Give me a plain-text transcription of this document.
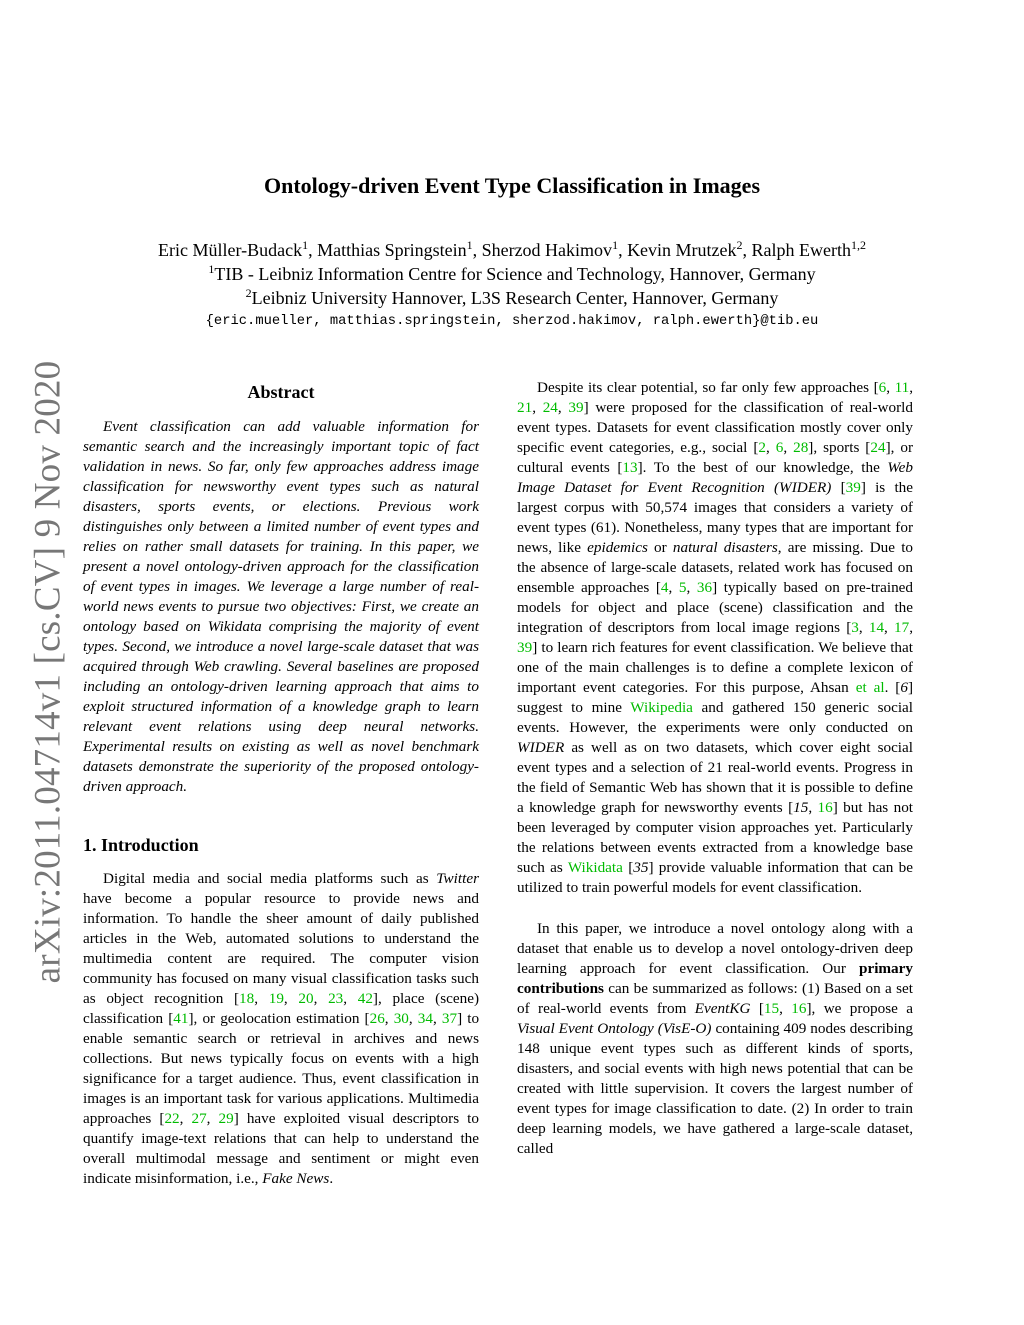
arXiv:2011.04714v1 [cs.CV] 9 Nov 2020
Ontology-driven Event Type Classification in Images
Eric Müller-Budack$^1$, Matthias Springstein$^1$, Sherzod Hakimov$^1$, Kevin Mrutzek$^2$, Ralph Ewerth$^{1,2}$
$^1$TIB - Leibniz Information Centre for Science and Technology, Hannover, Germany
$^2$Leibniz University Hannover, L3S Research Center, Hannover, Germany
{eric.mueller, matthias.springstein, sherzod.hakimov, ralph.ewerth}@tib.eu
Abstract

Event classification can add valuable information for semantic search and the increasingly important topic of fact validation in news. So far, only few approaches address image classification for newsworthy event types such as natural disasters, sports events, or elections. Previous work distinguishes only between a limited number of event types and relies on rather small datasets for training. In this paper, we present a novel ontology-driven approach for the classification of event types in images. We leverage a large number of real-world news events to pursue two objectives: First, we create an ontology based on Wikidata comprising the majority of event types. Second, we introduce a novel large-scale dataset that was acquired through Web crawling. Several baselines are proposed including an ontology-driven learning approach that aims to exploit structured information of a knowledge graph to learn relevant event relations using deep neural networks. Experimental results on existing as well as novel benchmark datasets demonstrate the superiority of the proposed ontology-driven approach.

1. Introduction

Digital media and social media platforms such as Twitter have become a popular resource to provide news and information. To handle the sheer amount of daily published articles in the Web, automated solutions to understand the multimedia content are required. The computer vision community has focused on many visual classification tasks such as object recognition [18, 19, 20, 23, 42], place (scene) classification [41], or geolocation estimation [26, 30, 34, 37] to enable semantic search or retrieval in archives and news collections. But news typically focus on events with a high significance for a target audience. Thus, event classification in images is an important task for various applications. Multimedia approaches [22, 27, 29] have exploited visual descriptors to quantify image-text relations that can help to understand the overall multimodal message and sentiment or might even indicate misinformation, i.e., Fake News.

Despite its clear potential, so far only few approaches [6, 11, 21, 24, 39] were proposed for the classification of real-world event types. Datasets for event classification mostly cover only specific event categories, e.g., social [2, 6, 28], sports [24], or cultural events [13]. To the best of our knowledge, the Web Image Dataset for Event Recognition (WIDER) [39] is the largest corpus with 50,574 images that considers a variety of event types (61). Nonetheless, many types that are important for news, like epidemics or natural disasters, are missing. Due to the absence of large-scale datasets, related work has focused on ensemble approaches [4, 5, 36] typically based on pre-trained models for object and place (scene) classification and the integration of descriptors from local image regions [3, 14, 17, 39] to learn rich features for event classification. We believe that one of the main challenges is to define a complete lexicon of important event categories. For this purpose, Ahsan et al. [6] suggest to mine Wikipedia and gathered 150 generic social events. However, the experiments were only conducted on WIDER as well as on two datasets, which cover eight social event types and a selection of 21 real-world events. Progress in the field of Semantic Web has shown that it is possible to define a knowledge graph for newsworthy events [15, 16] but has not been leveraged by computer vision approaches yet. Particularly the relations between events extracted from a knowledge base such as Wikidata [35] provide valuable information that can be utilized to train powerful models for event classification.

In this paper, we introduce a novel ontology along with a dataset that enable us to develop a novel ontology-driven deep learning approach for event classification. Our primary contributions can be summarized as follows: (1) Based on a set of real-world events from EventKG [15, 16], we propose a Visual Event Ontology (VisE-O) containing 409 nodes describing 148 unique event types such as different kinds of sports, disasters, and social events with high news potential that can be created with little supervision. It covers the largest number of event types for image classification to date. (2) In order to train deep learning models, we have gathered a large-scale dataset, called
